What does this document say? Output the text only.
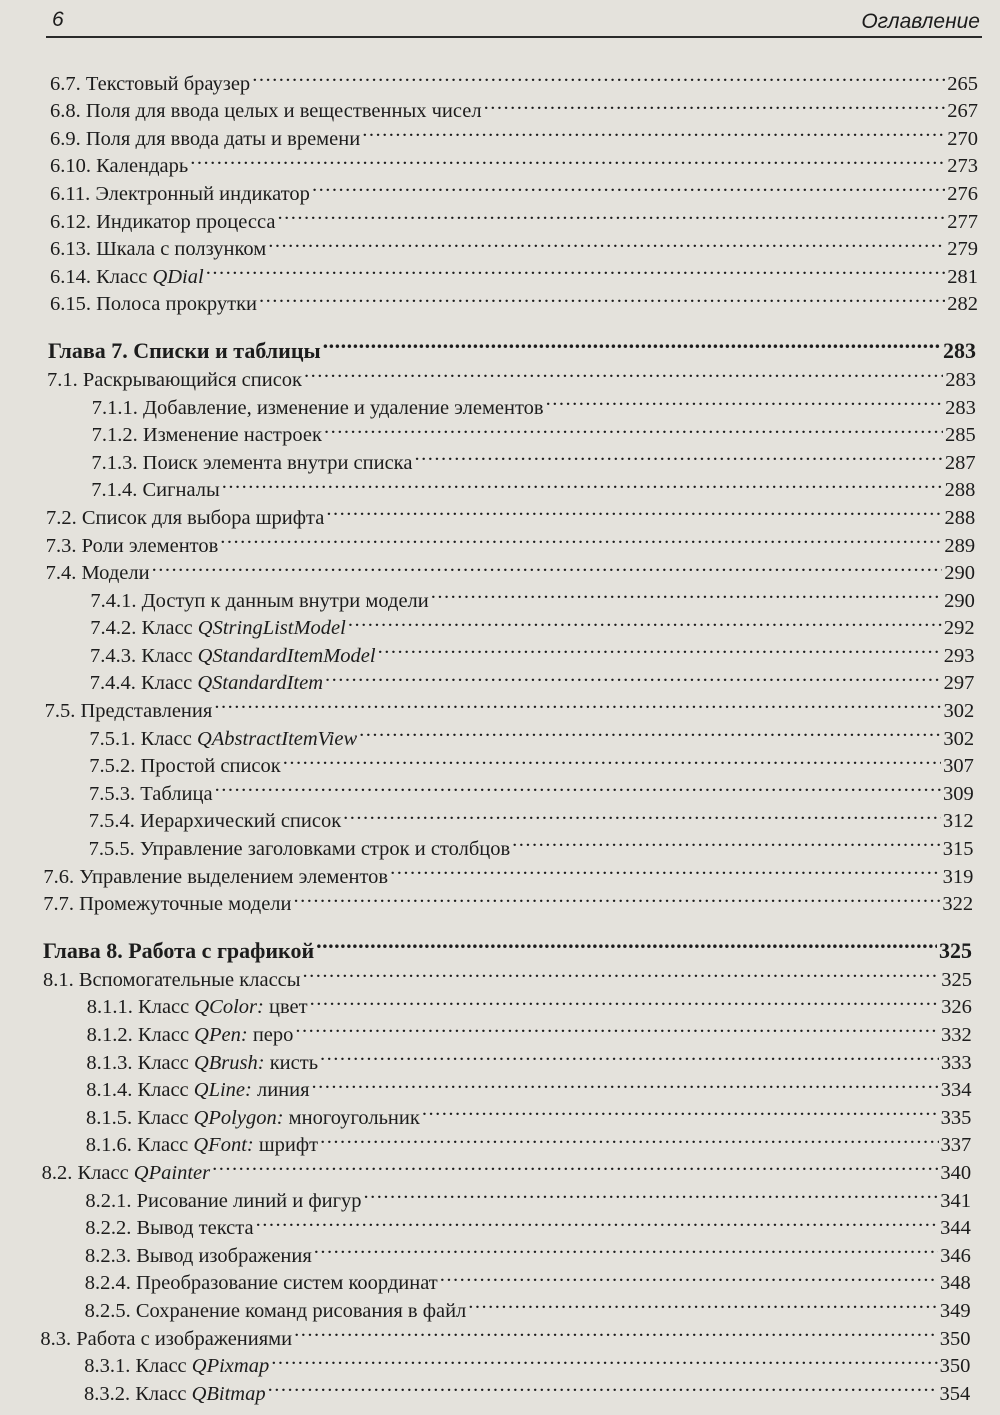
6	Оглавление
6.7. Текстовый браузер .....	265
6.8. Поля для ввода целых и вещественных чисел .....	267
6.9. Поля для ввода даты и времени .....	270
6.10. Календарь .....	273
6.11. Электронный индикатор .....	276
6.12. Индикатор процесса .....	277
6.13. Шкала с ползунком .....	279
6.14. Класс QDial .....	281
6.15. Полоса прокрутки .....	282
Глава 7. Списки и таблицы .....	283
7.1. Раскрывающийся список .....	283
7.1.1. Добавление, изменение и удаление элементов .....	283
7.1.2. Изменение настроек .....	285
7.1.3. Поиск элемента внутри списка .....	287
7.1.4. Сигналы .....	288
7.2. Список для выбора шрифта .....	288
7.3. Роли элементов .....	289
7.4. Модели .....	290
7.4.1. Доступ к данным внутри модели .....	290
7.4.2. Класс QStringListModel .....	292
7.4.3. Класс QStandardItemModel .....	293
7.4.4. Класс QStandardItem .....	297
7.5. Представления .....	302
7.5.1. Класс QAbstractItemView .....	302
7.5.2. Простой список .....	307
7.5.3. Таблица .....	309
7.5.4. Иерархический список .....	312
7.5.5. Управление заголовками строк и столбцов .....	315
7.6. Управление выделением элементов .....	319
7.7. Промежуточные модели .....	322
Глава 8. Работа с графикой .....	325
8.1. Вспомогательные классы .....	325
8.1.1. Класс QColor: цвет .....	326
8.1.2. Класс QPen: перо .....	332
8.1.3. Класс QBrush: кисть .....	333
8.1.4. Класс QLine: линия .....	334
8.1.5. Класс QPolygon: многоугольник .....	335
8.1.6. Класс QFont: шрифт .....	337
8.2. Класс QPainter .....	340
8.2.1. Рисование линий и фигур .....	341
8.2.2. Вывод текста .....	344
8.2.3. Вывод изображения .....	346
8.2.4. Преобразование систем координат .....	348
8.2.5. Сохранение команд рисования в файл .....	349
8.3. Работа с изображениями .....	350
8.3.1. Класс QPixmap .....	350
8.3.2. Класс QBitmap .....	354
